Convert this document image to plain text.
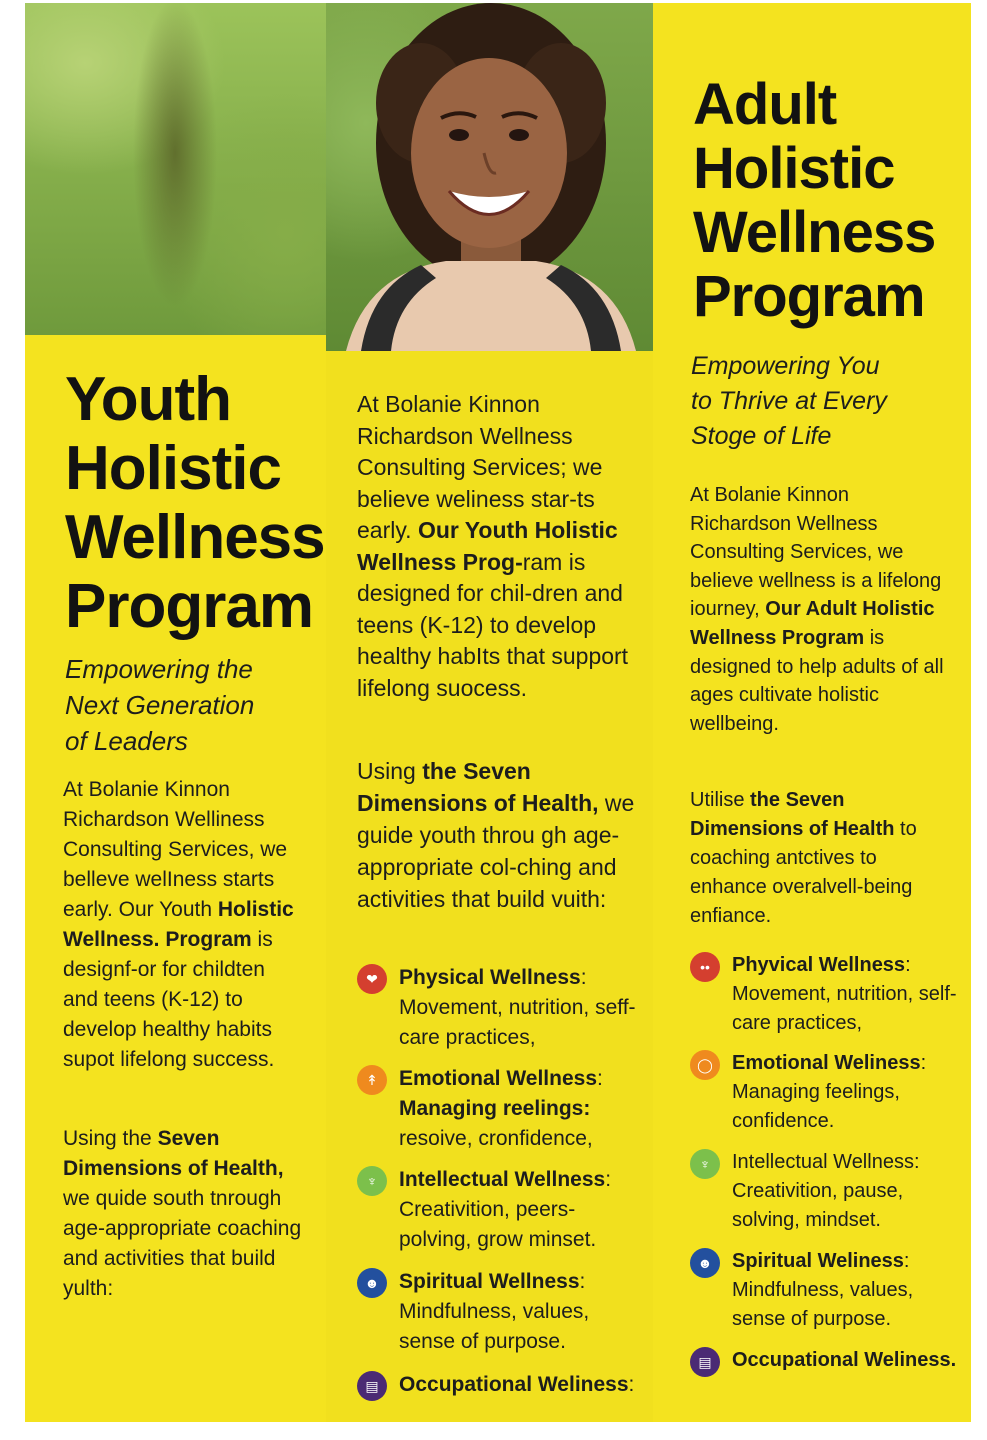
Youth
Holistic
Wellness
Program
Empowering the
Next Generation
of Leaders
At Bolanie Kinnon Richardson Welliness Consulting Services, we belleve welIness starts early. Our Youth Holistic Wellness. Program is designf-or for childten and teens (K-12) to develop healthy habits supot lifelong success.
Using the Seven Dimensions of Health, we quide south tnrough age-appropriate coaching and activities that build yulth:
At Bolanie Kinnon Richardson Wellness Consulting Services; we believe weliness star-ts early. Our Youth Holistic Wellness Prog-ram is designed for chil-dren and teens (K-12) to develop healthy habIts that support lifelong suocess.
Using the Seven Dimensions of Health, we guide youth throu gh age-appropriate col-ching and activities that build vuith:
❤	Physical Wellness:
Movement, nutrition, seff-care practices,
↟	Emotional Wellness:
Managing reelings:
resoive, cronfidence,
♆	Intellectual Wellness:
Creativition, peers-polving, grow minset.
☻ Spiritual Wellness:
Mindfulness, values, sense of purpose.
▤ Occupational Weliness:
Adult
Holistic
Wellness
Program
Empowering You
to Thrive at Every
Stoge of Life
At Bolanie Kinnon Richardson Wellness Consulting Services, we believe wellness is a lifelong iourney, Our Adult Holistic Wellness Program is designed to help adults of all ages cultivate holistic wellbeing.
Utilise the Seven Dimensions of Health to coaching antctives to enhance overalvell-being enfiance.
••	Phyvical Wellness:
Movement, nutrition, self-care practices,
◯ Emotional Weliness:
Managing feelings, confidence.
♆	Intellectual Wellness:
Creativition, pause, solving, mindset.
☻ Spiritual Weliness:
Mindfulness, values, sense of purpose.
▤	Occupational Weliness.
